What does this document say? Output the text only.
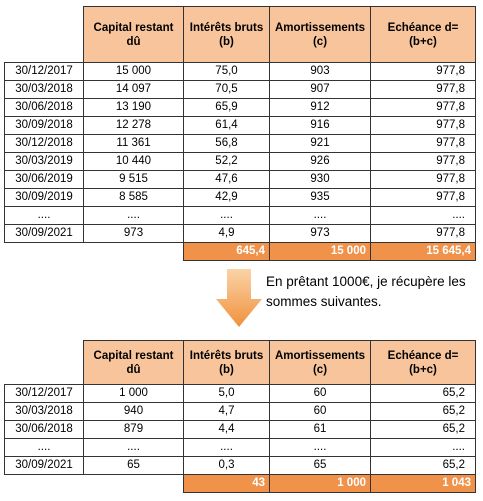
	Capital restant dû	Intérêts bruts (b)	Amortissements (c)	Echéance d=(b+c)
30/12/2017	15 000	75,0	903	977,8
30/03/2018	14 097	70,5	907	977,8
30/06/2018	13 190	65,9	912	977,8
30/09/2018	12 278	61,4	916	977,8
30/12/2018	11 361	56,8	921	977,8
30/03/2019	10 440	52,2	926	977,8
30/06/2019	9 515	47,6	930	977,8
30/09/2019	8 585	42,9	935	977,8
....	....	....	....	....
30/09/2021	973	4,9	973	977,8
		645,4	15 000	15 645,4
En prêtant 1000€, je récupère les sommes suivantes.
	Capital restant dû	Intérêts bruts (b)	Amortissements (c)	Echéance d=(b+c)
30/12/2017	1 000	5,0	60	65,2
30/03/2018	940	4,7	60	65,2
30/06/2018	879	4,4	61	65,2
....	....	....	....	....
30/09/2021	65	0,3	65	65,2
		43	1 000	1 043
